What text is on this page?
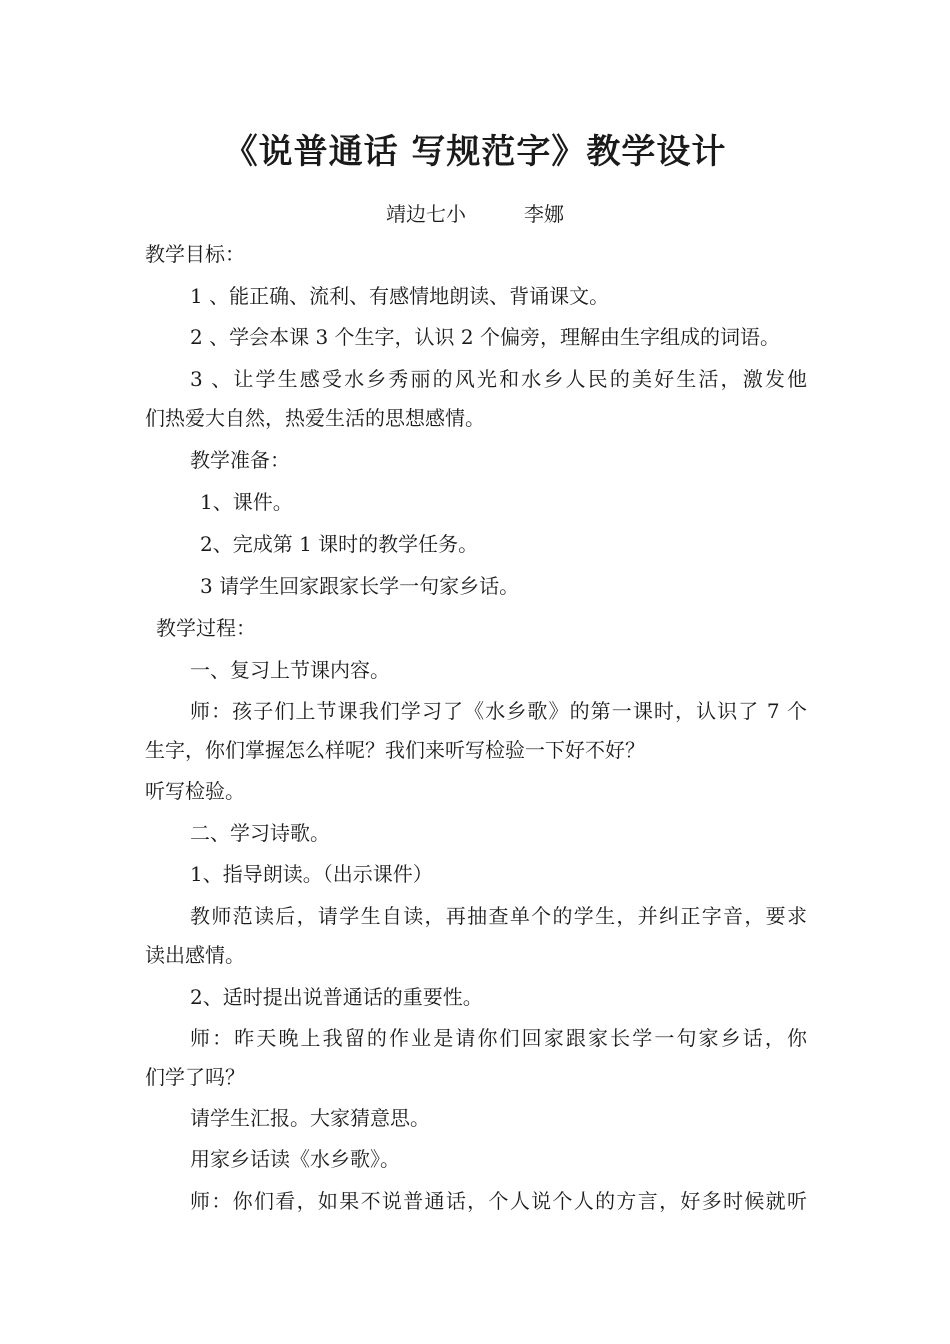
《说普通话 写规范字》教学设计
靖边七小	李娜
教学目标：
1 、能正确、流利、有感情地朗读、背诵课文。
2 、学会本课 3 个生字，认识 2 个偏旁，理解由生字组成的词语。
3 、让学生感受水乡秀丽的风光和水乡人民的美好生活，激发他
们热爱大自然，热爱生活的思想感情。
教学准备：
1、课件。
2、完成第 1 课时的教学任务。
3 请学生回家跟家长学一句家乡话。
教学过程：
一、复习上节课内容。
师：孩子们上节课我们学习了《水乡歌》的第一课时，认识了 7 个
生字，你们掌握怎么样呢？我们来听写检验一下好不好？
听写检验。
二、学习诗歌。
1、指导朗读。（出示课件）
教师范读后，请学生自读，再抽查单个的学生，并纠正字音，要求
读出感情。
2、适时提出说普通话的重要性。
师：昨天晚上我留的作业是请你们回家跟家长学一句家乡话，你
们学了吗？
请学生汇报。大家猜意思。
用家乡话读《水乡歌》。
师：你们看，如果不说普通话，个人说个人的方言，好多时候就听
